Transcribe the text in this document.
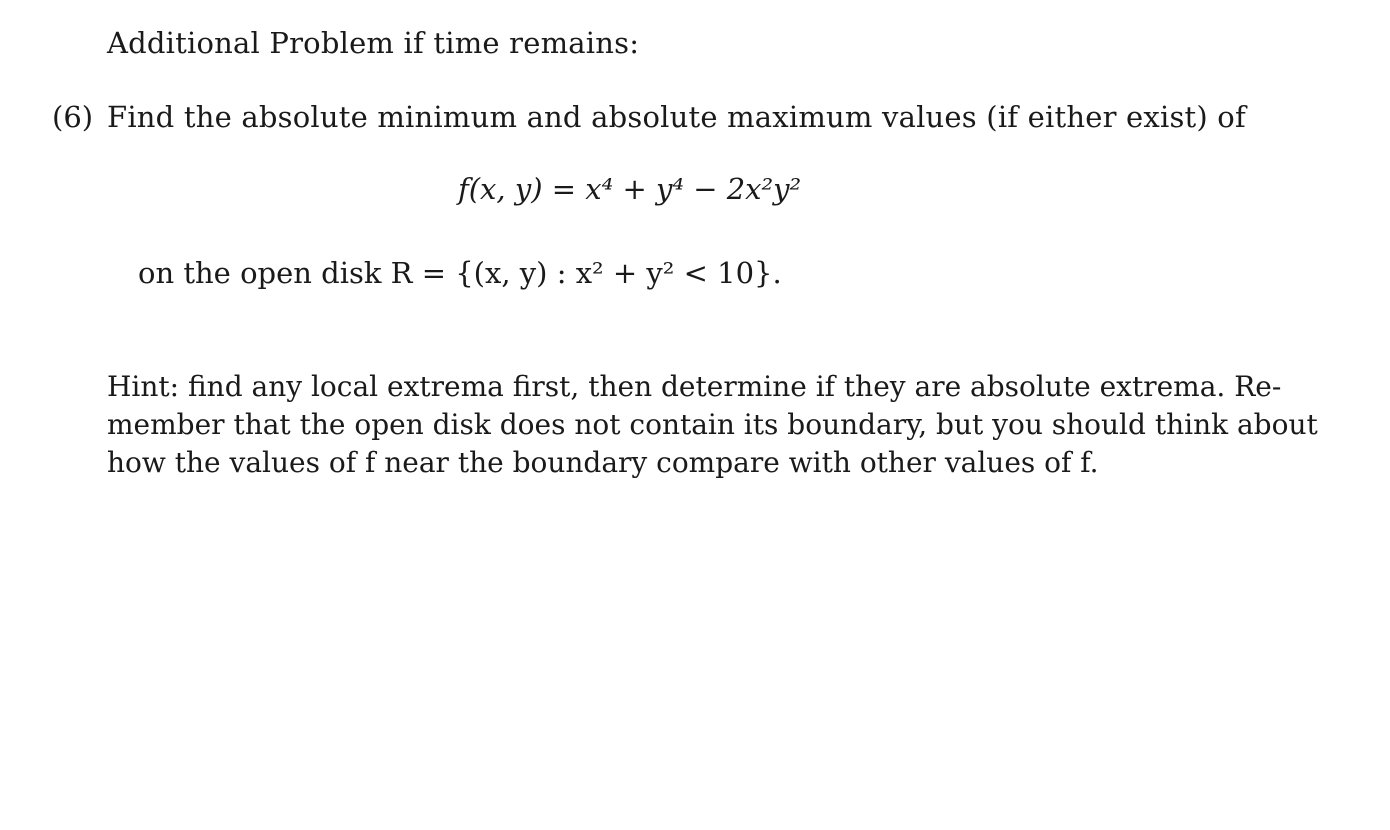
Additional Problem if time remains:
(6) Find the absolute minimum and absolute maximum values (if either exist) of
f(x, y) = x⁴ + y⁴ − 2x²y²
on the open disk R = {(x, y) : x² + y² < 10}.
Hint: find any local extrema first, then determine if they are absolute extrema. Re-
member that the open disk does not contain its boundary, but you should think about
how the values of f near the boundary compare with other values of f.
